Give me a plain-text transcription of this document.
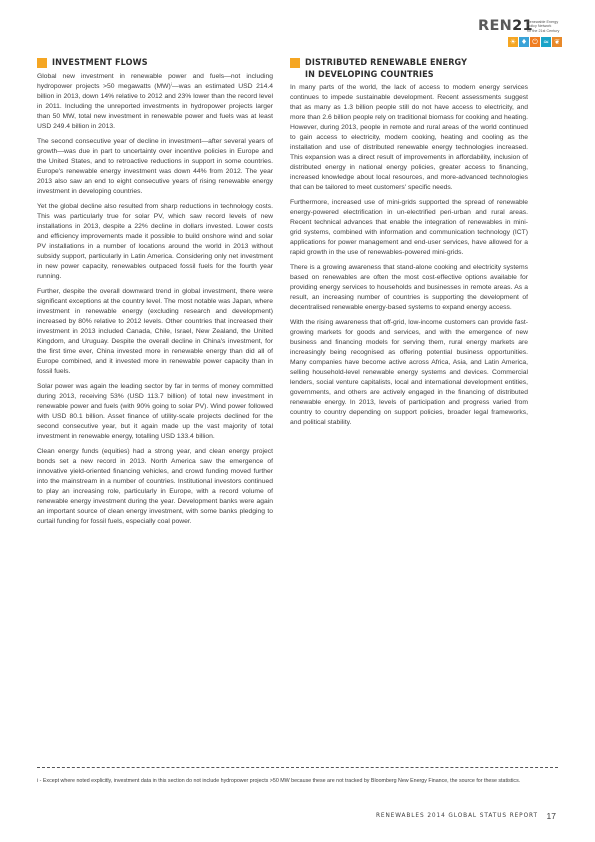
REN21
Renewable Energy
Policy Network
for the 21st Century
☀ ♦ ⏻ ≈ ❦
INVESTMENT FLOWS

Global new investment in renewable power and fuels—not including hydropower projects >50 megawatts (MW)ⁱ—was an estimated USD 214.4 billion in 2013, down 14% relative to 2012 and 23% lower than the record level in 2011. Including the unreported investments in hydropower projects larger than 50 MW, total new investment in renewable power and fuels was at least USD 249.4 billion in 2013.

The second consecutive year of decline in investment—after several years of growth—was due in part to uncertainty over incentive policies in Europe and the United States, and to retroactive reductions in support in some countries. Europe's renewable energy investment was down 44% from 2012. The year 2013 also saw an end to eight consecutive years of rising renewable energy investment in developing countries.

Yet the global decline also resulted from sharp reductions in technology costs. This was particularly true for solar PV, which saw record levels of new installations in 2013, despite a 22% decline in dollars invested. Lower costs and efficiency improvements made it possible to build onshore wind and solar PV installations in a number of locations around the world in 2013 without subsidy support, particularly in Latin America. Considering only net investment in new power capacity, renewables outpaced fossil fuels for the fourth year running.

Further, despite the overall downward trend in global investment, there were significant exceptions at the country level. The most notable was Japan, where investment in renewable energy (excluding research and development) increased by 80% relative to 2012 levels. Other countries that increased their investment in 2013 included Canada, Chile, Israel, New Zealand, the United Kingdom, and Uruguay. Despite the overall decline in China's investment, for the first time ever, China invested more in renewable energy than did all of Europe combined, and it invested more in renewable power capacity than in fossil fuels.

Solar power was again the leading sector by far in terms of money committed during 2013, receiving 53% (USD 113.7 billion) of total new investment in renewable power and fuels (with 90% going to solar PV). Wind power followed with USD 80.1 billion. Asset finance of utility-scale projects declined for the second consecutive year, but it again made up the vast majority of total investment in renewable energy, totalling USD 133.4 billion.

Clean energy funds (equities) had a strong year, and clean energy project bonds set a new record in 2013. North America saw the emergence of innovative yield-oriented financing vehicles, and crowd funding moved further into the mainstream in a number of countries. Institutional investors continued to play an increasing role, particularly in Europe, with a record volume of renewable energy investment during the year. Development banks were again an important source of clean energy investment, with some banks pledging to curtail funding for fossil fuels, especially coal power.

DISTRIBUTED RENEWABLE ENERGY
IN DEVELOPING COUNTRIES

In many parts of the world, the lack of access to modern energy services continues to impede sustainable development. Recent assessments suggest that as many as 1.3 billion people still do not have access to electricity, and more than 2.6 billion people rely on traditional biomass for cooking and heating. However, during 2013, people in remote and rural areas of the world continued to gain access to electricity, modern cooking, heating and cooling as the installation and use of distributed renewable energy technologies increased. This expansion was a direct result of improvements in affordability, inclusion of distributed energy in national energy policies, greater access to financing, increased knowledge about local resources, and more-advanced technologies that can be tailored to meet customers' specific needs.

Furthermore, increased use of mini-grids supported the spread of renewable energy-powered electrification in un-electrified peri-urban and rural areas. Recent technical advances that enable the integration of renewables in mini-grid systems, combined with information and communication technology (ICT) applications for power management and end-user services, have allowed for a rapid growth in the use of renewables-powered mini-grids.

There is a growing awareness that stand-alone cooking and electricity systems based on renewables are often the most cost-effective options available for providing energy services to households and businesses in remote areas. As a result, an increasing number of countries is supporting the development of decentralised renewable energy-based systems to expand energy access.

With the rising awareness that off-grid, low-income customers can provide fast-growing markets for goods and services, and with the emergence of new business and financing models for serving them, rural energy markets are increasingly being recognised as offering potential business opportunities. Many companies have become active across Africa, Asia, and Latin America, selling household-level renewable energy systems and devices. Commercial lenders, social venture capitalists, local and international development entities, governments, and others are actively engaged in the financing of distributed renewable energy. In 2013, levels of participation and progress varied from country to country depending on support policies, broader legal frameworks, and political stability.

i - Except where noted explicitly, investment data in this section do not include hydropower projects >50 MW because these are not tracked by Bloomberg New Energy Finance, the source for these statistics.
RENEWABLES 2014 GLOBAL STATUS REPORT 17
